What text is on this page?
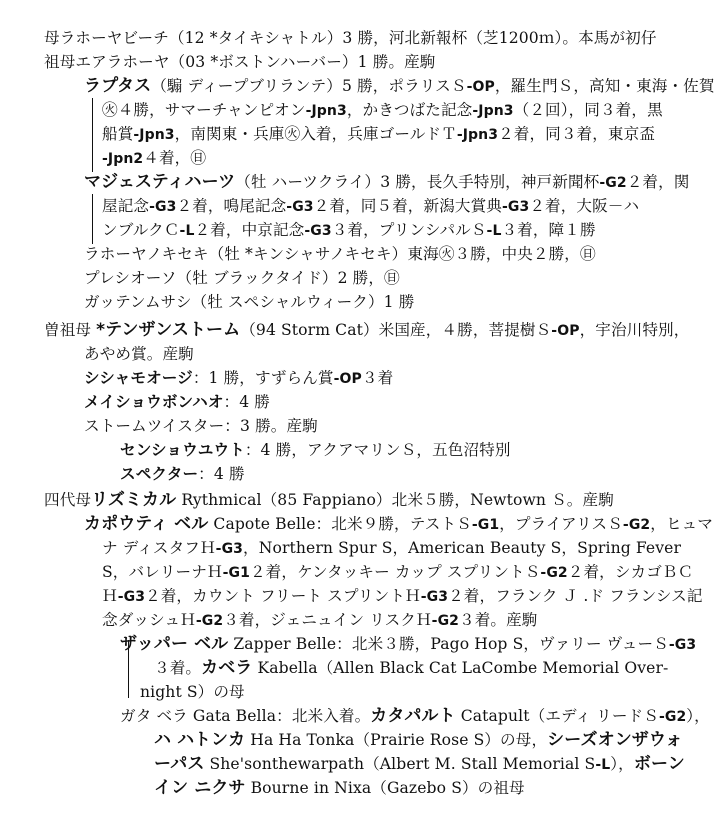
母ラホーヤビーチ（12 *タイキシャトル）3 勝，河北新報杯（芝1200ｍ）。本馬が初仔
祖母エアラホーヤ（03 *ボストンハーバー）1 勝。産駒
ラプタス（騸 ディープブリランテ）5 勝，ポラリスＳ-OP，羅生門Ｓ，高知・東海・佐賀
㊋４勝，サマーチャンピオン-Jpn3，かきつばた記念-Jpn3（２回），同３着，黒
船賞-Jpn3，南関東・兵庫㊋入着，兵庫ゴールドＴ-Jpn3２着，同３着，東京盃
-Jpn2４着，㊐
マジェスティハーツ（牡 ハーツクライ）3 勝，長久手特別，神戸新聞杯-G2２着，関
屋記念-G3２着，鳴尾記念-G3２着，同５着，新潟大賞典-G3２着，大阪－ハ
ンブルクＣ-L２着，中京記念-G3３着，プリンシパルＳ-L３着，障１勝
ラホーヤノキセキ（牡 *キンシャサノキセキ）東海㊋３勝，中央２勝，㊐
プレシオーソ（牡 ブラックタイド）2 勝，㊐
ガッテンムサシ（牡 スペシャルウィーク）1 勝
曽祖母 *テンザンストーム（94 Storm Cat）米国産，４勝，菩提樹Ｓ-OP，宇治川特別，
あやめ賞。産駒
シシャモオージ：1 勝，すずらん賞-OP３着
メイショウボンハオ：4 勝
ストームツイスター：3 勝。産駒
センショウユウト：4 勝，アクアマリンＳ，五色沼特別
スペクター：4 勝
四代母リズミカル Rythmical（85 Fappiano）北米５勝，Newtown Ｓ。産駒
カポウティ ベル Capote Belle：北米９勝，テストＳ-G1，プライアリスＳ-G2，ヒュマ
ナ ディスタフＨ-G3，Northern Spur S，American Beauty S，Spring Fever
S，バレリーナＨ-G1２着，ケンタッキー カップ スプリントＳ-G2２着，シカゴＢＣ
Ｈ-G3２着，カウント フリート スプリントＨ-G3２着，フランク Ｊ .ド フランシス記
念ダッシュＨ-G2３着，ジェニュイン リスクＨ-G2３着。産駒
ザッパー ベル Zapper Belle：北米３勝，Pago Hop S，ヴァリー ヴューＳ-G3
３着。カベラ Kabella（Allen Black Cat LaCombe Memorial Over-
night S）の母
ガタ ベラ Gata Bella：北米入着。カタパルト Catapult（エディ リードＳ-G2），
ハ ハトンカ Ha Ha Tonka（Prairie Rose S）の母，シーズオンザウォ
ーパス She'sonthewarpath（Albert M. Stall Memorial S-L），ボーン
イン ニクサ Bourne in Nixa（Gazebo S）の祖母
